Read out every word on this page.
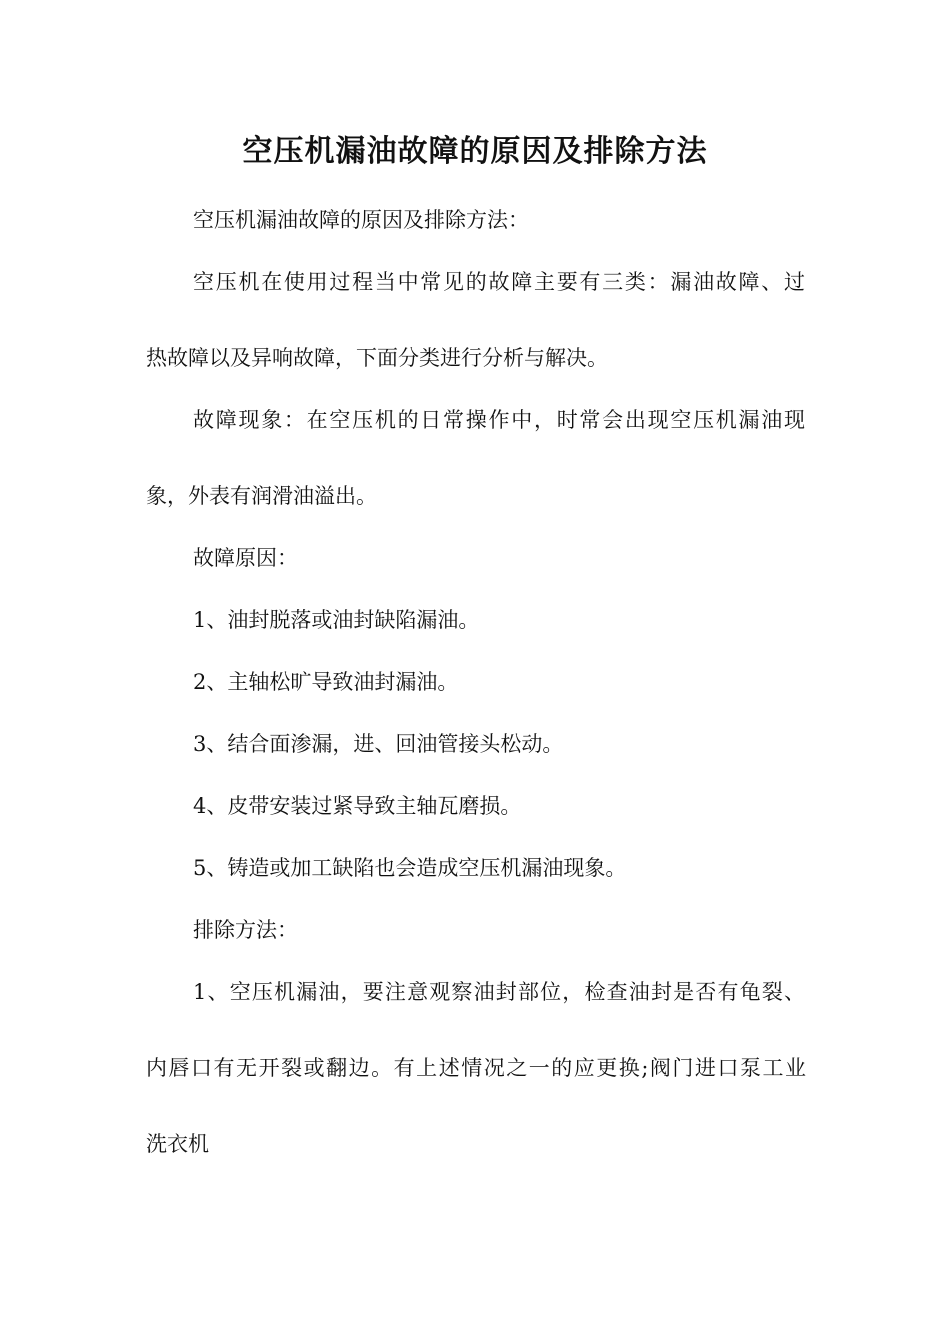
空压机漏油故障的原因及排除方法
空压机漏油故障的原因及排除方法：
空压机在使用过程当中常见的故障主要有三类：漏油故障、过
热故障以及异响故障，下面分类进行分析与解决。
故障现象：在空压机的日常操作中，时常会出现空压机漏油现
象，外表有润滑油溢出。
故障原因：
1、油封脱落或油封缺陷漏油。
2、主轴松旷导致油封漏油。
3、结合面渗漏，进、回油管接头松动。
4、皮带安装过紧导致主轴瓦磨损。
5、铸造或加工缺陷也会造成空压机漏油现象。
排除方法：
1、空压机漏油，要注意观察油封部位，检查油封是否有龟裂、
内唇口有无开裂或翻边。有上述情况之一的应更换;阀门进口泵工业
洗衣机
